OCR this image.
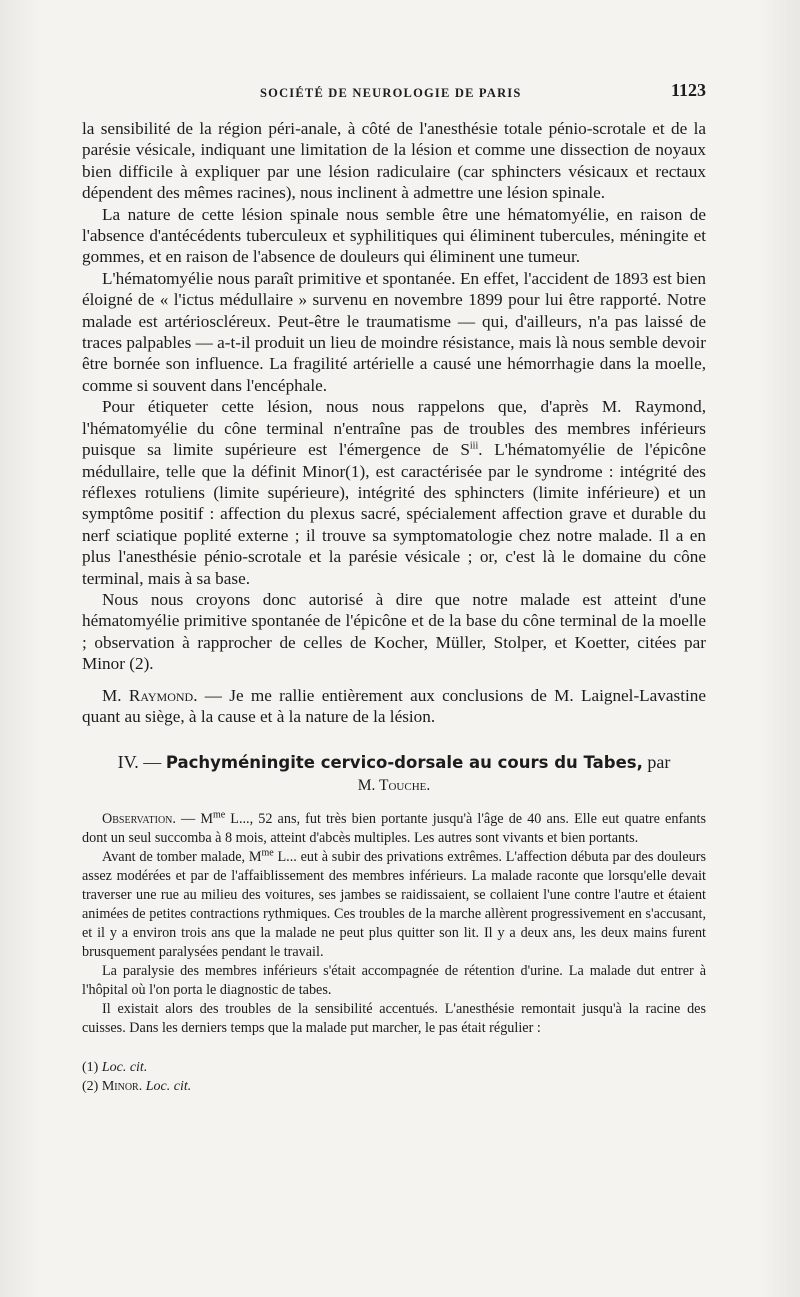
SOCIÉTÉ DE NEUROLOGIE DE PARIS	1123

la sensibilité de la région péri-anale, à côté de l'anesthésie totale pénio-scrotale et de la parésie vésicale, indiquant une limitation de la lésion et comme une dissection de noyaux bien difficile à expliquer par une lésion radiculaire (car sphincters vésicaux et rectaux dépendent des mêmes racines), nous inclinent à admettre une lésion spinale.

La nature de cette lésion spinale nous semble être une hématomyélie, en raison de l'absence d'antécédents tuberculeux et syphilitiques qui éliminent tubercules, méningite et gommes, et en raison de l'absence de douleurs qui éliminent une tumeur.

L'hématomyélie nous paraît primitive et spontanée. En effet, l'accident de 1893 est bien éloigné de « l'ictus médullaire » survenu en novembre 1899 pour lui être rapporté. Notre malade est artérioscléreux. Peut-être le traumatisme — qui, d'ailleurs, n'a pas laissé de traces palpables — a-t-il produit un lieu de moindre résistance, mais là nous semble devoir être bornée son influence. La fragilité artérielle a causé une hémorrhagie dans la moelle, comme si souvent dans l'encéphale.

Pour étiqueter cette lésion, nous nous rappelons que, d'après M. Raymond, l'hématomyélie du cône terminal n'entraîne pas de troubles des membres inférieurs puisque sa limite supérieure est l'émergence de $S^{iii}$. L'hématomyélie de l'épicône médullaire, telle que la définit Minor(1), est caractérisée par le syndrome : intégrité des réflexes rotuliens (limite supérieure), intégrité des sphincters (limite inférieure) et un symptôme positif : affection du plexus sacré, spécialement affection grave et durable du nerf sciatique poplité externe ; il trouve sa symptomatologie chez notre malade. Il a en plus l'anesthésie pénio-scrotale et la parésie vésicale ; or, c'est là le domaine du cône terminal, mais à sa base.

Nous nous croyons donc autorisé à dire que notre malade est atteint d'une hématomyélie primitive spontanée de l'épicône et de la base du cône terminal de la moelle ; observation à rapprocher de celles de Kocher, Müller, Stolper, et Koetter, citées par Minor (2).

M. Raymond. — Je me rallie entièrement aux conclusions de M. Laignel-Lavastine quant au siège, à la cause et à la nature de la lésion.

IV. — Pachyméningite cervico-dorsale au cours du Tabes, par
M. Touche.

Observation. — $M^{me}$ L..., 52 ans, fut très bien portante jusqu'à l'âge de 40 ans. Elle eut quatre enfants dont un seul succomba à 8 mois, atteint d'abcès multiples. Les autres sont vivants et bien portants.

Avant de tomber malade, $M^{me}$ L... eut à subir des privations extrêmes. L'affection débuta par des douleurs assez modérées et par de l'affaiblissement des membres inférieurs. La malade raconte que lorsqu'elle devait traverser une rue au milieu des voitures, ses jambes se raidissaient, se collaient l'une contre l'autre et étaient animées de petites contractions rythmiques. Ces troubles de la marche allèrent progressivement en s'accusant, et il y a environ trois ans que la malade ne peut plus quitter son lit. Il y a deux ans, les deux mains furent brusquement paralysées pendant le travail.

La paralysie des membres inférieurs s'était accompagnée de rétention d'urine. La malade dut entrer à l'hôpital où l'on porta le diagnostic de tabes.

Il existait alors des troubles de la sensibilité accentués. L'anesthésie remontait jusqu'à la racine des cuisses. Dans les derniers temps que la malade put marcher, le pas était régulier :

(1) Loc. cit.
(2) Minor. Loc. cit.
